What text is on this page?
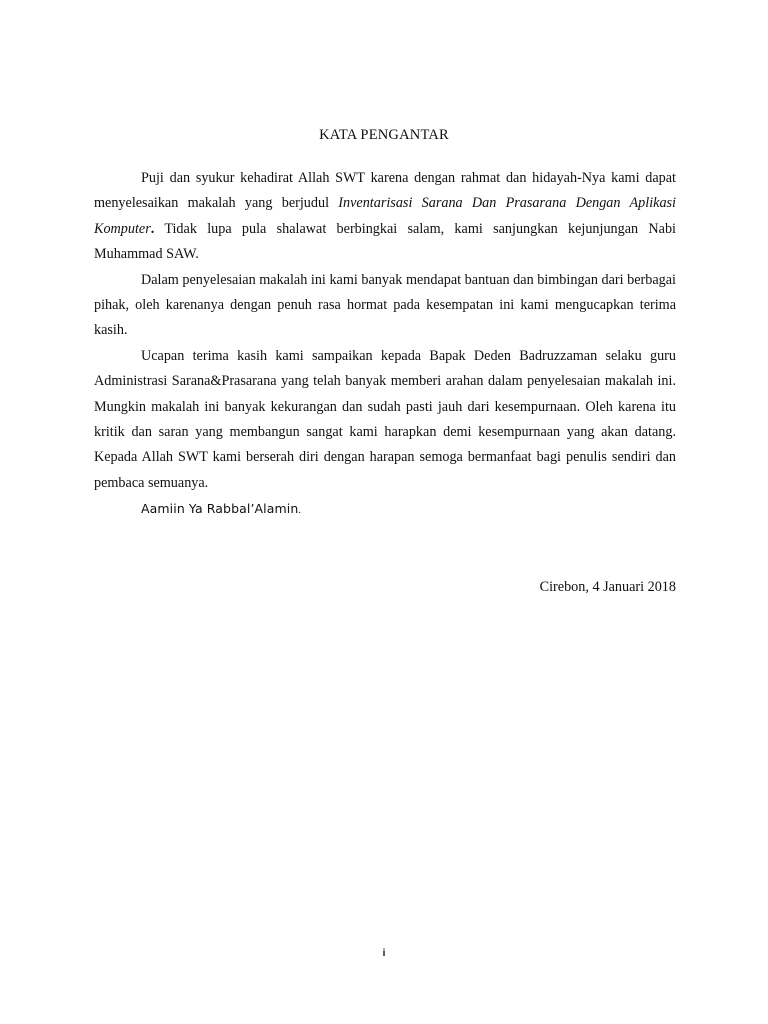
KATA PENGANTAR

Puji dan syukur kehadirat Allah SWT karena dengan rahmat dan hidayah-Nya kami dapat menyelesaikan makalah yang berjudul Inventarisasi Sarana Dan Prasarana Dengan Aplikasi Komputer. Tidak lupa pula shalawat berbingkai salam, kami sanjungkan kejunjungan Nabi Muhammad SAW.

Dalam penyelesaian makalah ini kami banyak mendapat bantuan dan bimbingan dari berbagai pihak, oleh karenanya dengan penuh rasa hormat pada kesempatan ini kami mengucapkan terima kasih.

Ucapan terima kasih kami sampaikan kepada Bapak Deden Badruzzaman selaku guru Administrasi Sarana&Prasarana yang telah banyak memberi arahan dalam penyelesaian makalah ini. Mungkin makalah ini banyak kekurangan dan sudah pasti jauh dari kesempurnaan. Oleh karena itu kritik dan saran yang membangun sangat kami harapkan demi kesempurnaan yang akan datang. Kepada Allah SWT kami berserah diri dengan harapan semoga bermanfaat bagi penulis sendiri dan pembaca semuanya.

Aamiin Ya Rabbal’Alamin.

Cirebon, 4 Januari 2018
i
